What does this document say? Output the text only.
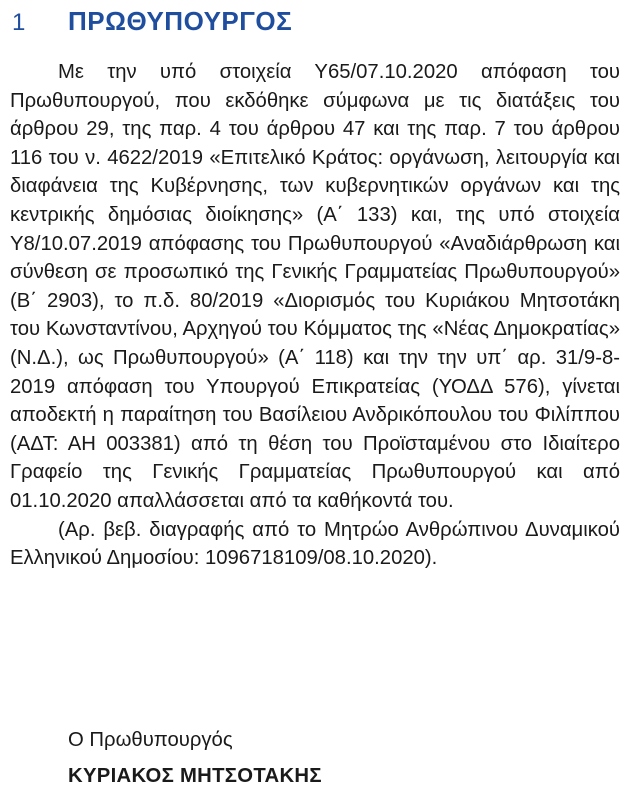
1	ΠΡΩΘΥΠΟΥΡΓΟΣ

Με την υπό στοιχεία Υ65/07.10.2020 απόφαση του Πρωθυπουργού, που εκδόθηκε σύμφωνα με τις διατάξεις του άρθρου 29, της παρ. 4 του άρθρου 47 και της παρ. 7 του άρθρου 116 του ν. 4622/2019 «Επιτελικό Κράτος: οργάνωση, λειτουργία και διαφάνεια της Κυβέρνησης, των κυβερνητικών οργάνων και της κεντρικής δημόσιας διοίκησης» (Α΄ 133) και, της υπό στοιχεία Υ8/10.07.2019 απόφασης του Πρωθυπουργού «Αναδιάρθρωση και σύνθεση σε προσωπικό της Γενικής Γραμματείας Πρωθυπουργού» (Β΄ 2903), το π.δ. 80/2019 «Διορισμός του Κυριάκου Μητσοτάκη του Κωνσταντίνου, Αρχηγού του Κόμματος της «Νέας Δημοκρατίας» (Ν.Δ.), ως Πρωθυπουργού» (Α΄ 118) και την την υπ΄ αρ. 31/9-8-2019 απόφαση του Υπουργού Επικρατείας (ΥΟΔΔ 576), γίνεται αποδεκτή η παραίτηση του Βασίλειου Ανδρικόπουλου του Φιλίππου (ΑΔΤ: ΑΗ 003381) από τη θέση του Προϊσταμένου στο Ιδιαίτερο Γραφείο της Γενικής Γραμματείας Πρωθυπουργού και από 01.10.2020 απαλλάσσεται από τα καθήκοντά του.

(Αρ. βεβ. διαγραφής από το Μητρώο Ανθρώπινου Δυναμικού Ελληνικού Δημοσίου: 1096718109/08.10.2020).

Ο Πρωθυπουργός
ΚΥΡΙΑΚΟΣ ΜΗΤΣΟΤΑΚΗΣ
